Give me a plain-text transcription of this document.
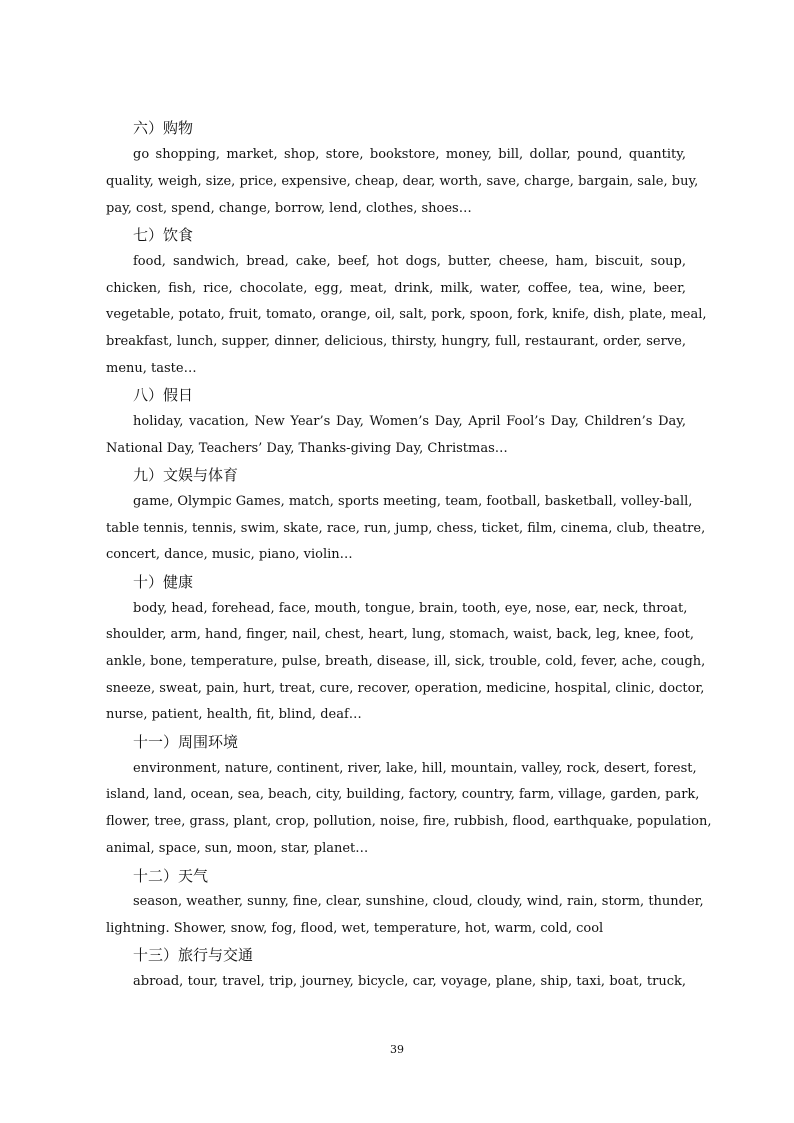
六）购物
go shopping, market, shop, store, bookstore, money, bill, dollar, pound, quantity,
quality, weigh, size, price, expensive, cheap, dear, worth, save, charge, bargain, sale, buy,
pay, cost, spend, change, borrow, lend, clothes, shoes…
七）饮食
food, sandwich, bread, cake, beef, hot dogs, butter, cheese, ham, biscuit, soup,
chicken, fish, rice, chocolate, egg, meat, drink, milk, water, coffee, tea, wine, beer,
vegetable, potato, fruit, tomato, orange, oil, salt, pork, spoon, fork, knife, dish, plate, meal,
breakfast, lunch, supper, dinner, delicious, thirsty, hungry, full, restaurant, order, serve,
menu, taste…
八）假日
holiday, vacation, New Year’s Day, Women’s Day, April Fool’s Day, Children’s Day,
National Day, Teachers’ Day, Thanks-giving Day, Christmas…
九）文娱与体育
game, Olympic Games, match, sports meeting, team, football, basketball, volley-ball,
table tennis, tennis, swim, skate, race, run, jump, chess, ticket, film, cinema, club, theatre,
concert, dance, music, piano, violin…
十）健康
body, head, forehead, face, mouth, tongue, brain, tooth, eye, nose, ear, neck, throat,
shoulder, arm, hand, finger, nail, chest, heart, lung, stomach, waist, back, leg, knee, foot,
ankle, bone, temperature, pulse, breath, disease, ill, sick, trouble, cold, fever, ache, cough,
sneeze, sweat, pain, hurt, treat, cure, recover, operation, medicine, hospital, clinic, doctor,
nurse, patient, health, fit, blind, deaf…
十一）周围环境
environment, nature, continent, river, lake, hill, mountain, valley, rock, desert, forest,
island, land, ocean, sea, beach, city, building, factory, country, farm, village, garden, park,
flower, tree, grass, plant, crop, pollution, noise, fire, rubbish, flood, earthquake, population,
animal, space, sun, moon, star, planet…
十二）天气
season, weather, sunny, fine, clear, sunshine, cloud, cloudy, wind, rain, storm, thunder,
lightning. Shower, snow, fog, flood, wet, temperature, hot, warm, cold, cool
十三）旅行与交通
abroad, tour, travel, trip, journey, bicycle, car, voyage, plane, ship, taxi, boat, truck,
39
